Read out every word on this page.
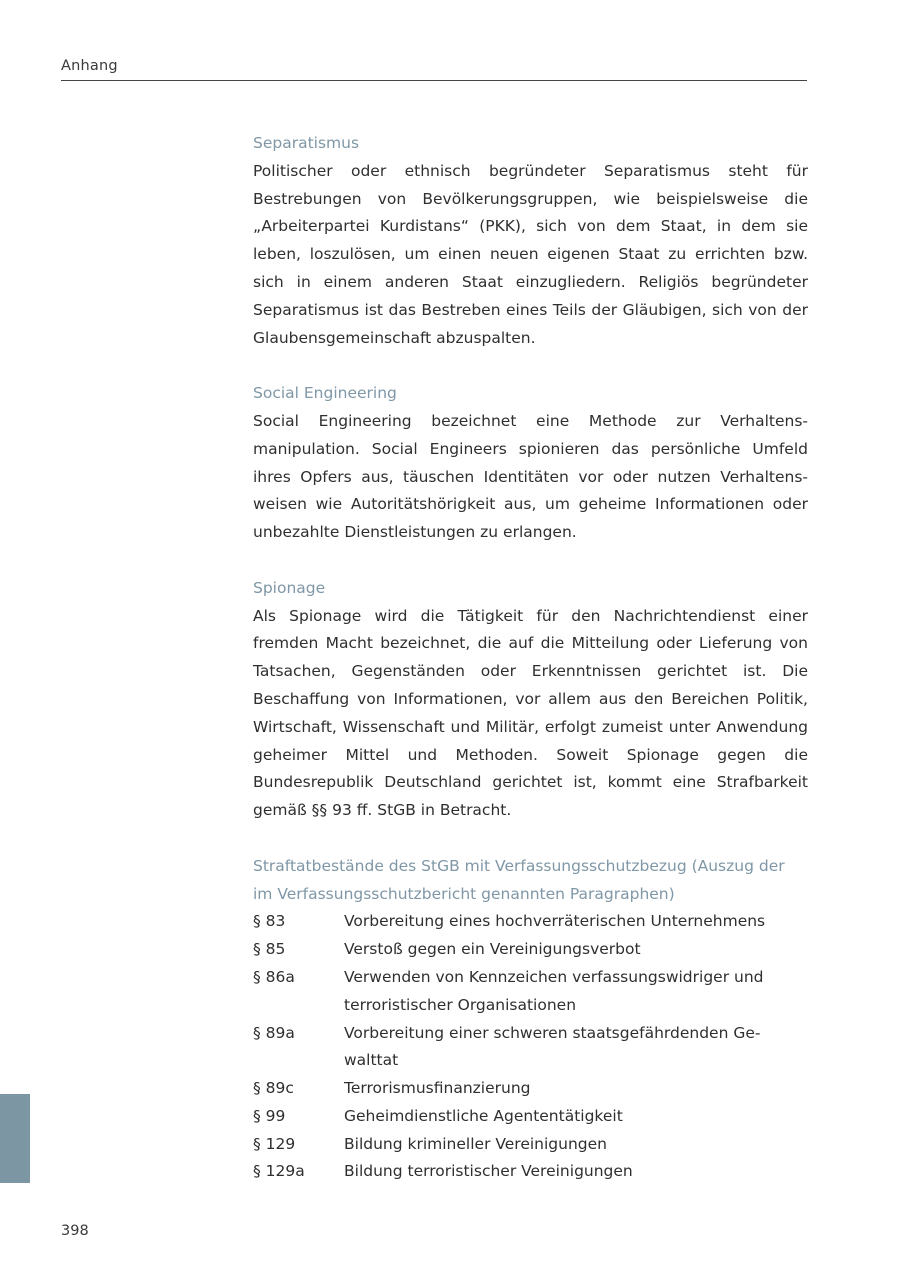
Anhang

Separatismus

Politischer oder ethnisch begründeter Separatismus steht für Bestrebungen von Bevölkerungsgruppen, wie beispielsweise die „Arbeiterpartei Kurdistans“ (PKK), sich von dem Staat, in dem sie leben, loszulösen, um einen neuen eigenen Staat zu errichten bzw. sich in einem anderen Staat einzugliedern. Religiös begründeter Separatismus ist das Bestreben eines Teils der Gläubigen, sich von der Glaubensgemeinschaft abzuspalten.

Social Engineering

Social Engineering bezeichnet eine Methode zur Verhaltensmanipulation. Social Engineers spionieren das persönliche Umfeld ihres Opfers aus, täuschen Identitäten vor oder nutzen Verhaltensweisen wie Autoritätshörigkeit aus, um geheime Informationen oder unbezahlte Dienstleistungen zu erlangen.

Spionage

Als Spionage wird die Tätigkeit für den Nachrichtendienst einer fremden Macht bezeichnet, die auf die Mitteilung oder Lieferung von Tatsachen, Gegenständen oder Erkenntnissen gerichtet ist. Die Beschaffung von Informationen, vor allem aus den Bereichen Politik, Wirtschaft, Wissenschaft und Militär, erfolgt zumeist unter Anwendung geheimer Mittel und Methoden. Soweit Spionage gegen die Bundesrepublik Deutschland gerichtet ist, kommt eine Strafbarkeit gemäß §§ 93 ff. StGB in Betracht.

Straftatbestände des StGB mit Verfassungsschutzbezug (Auszug der im Verfassungsschutzbericht genannten Paragraphen)

§ 83	Vorbereitung eines hochverräterischen Unternehmens
§ 85	Verstoß gegen ein Vereinigungsverbot
§ 86a	Verwenden von Kennzeichen verfassungswidriger und terroristischer Organisationen
§ 89a	Vorbereitung einer schweren staatsgefährdenden Gewalttat
§ 89c	Terrorismusfinanzierung
§ 99	Geheimdienstliche Agententätigkeit
§ 129	Bildung krimineller Vereinigungen
§ 129a	Bildung terroristischer Vereinigungen
398
